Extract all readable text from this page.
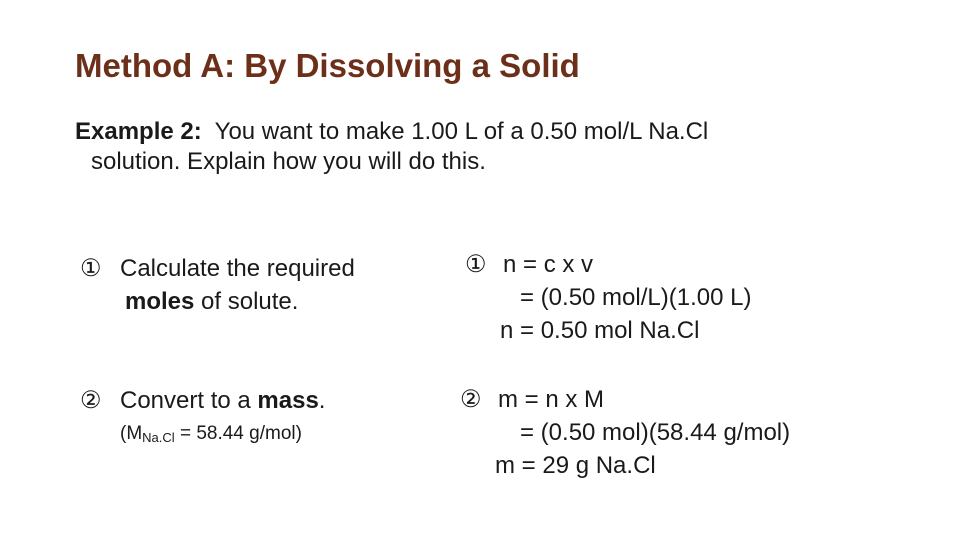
Method A: By Dissolving a Solid
Example 2:  You want to make 1.00 L of a 0.50 mol/L Na.Cl
solution. Explain how you will do this.
① Calculate the required
moles of solute.
② Convert to a mass.
($M_{Na.Cl} = 58.44$ g/mol)
① n = c x v
= (0.50 mol/L)(1.00 L)
n = 0.50 mol Na.Cl
② m = n x M
= (0.50 mol)(58.44 g/mol)
m = 29 g Na.Cl
